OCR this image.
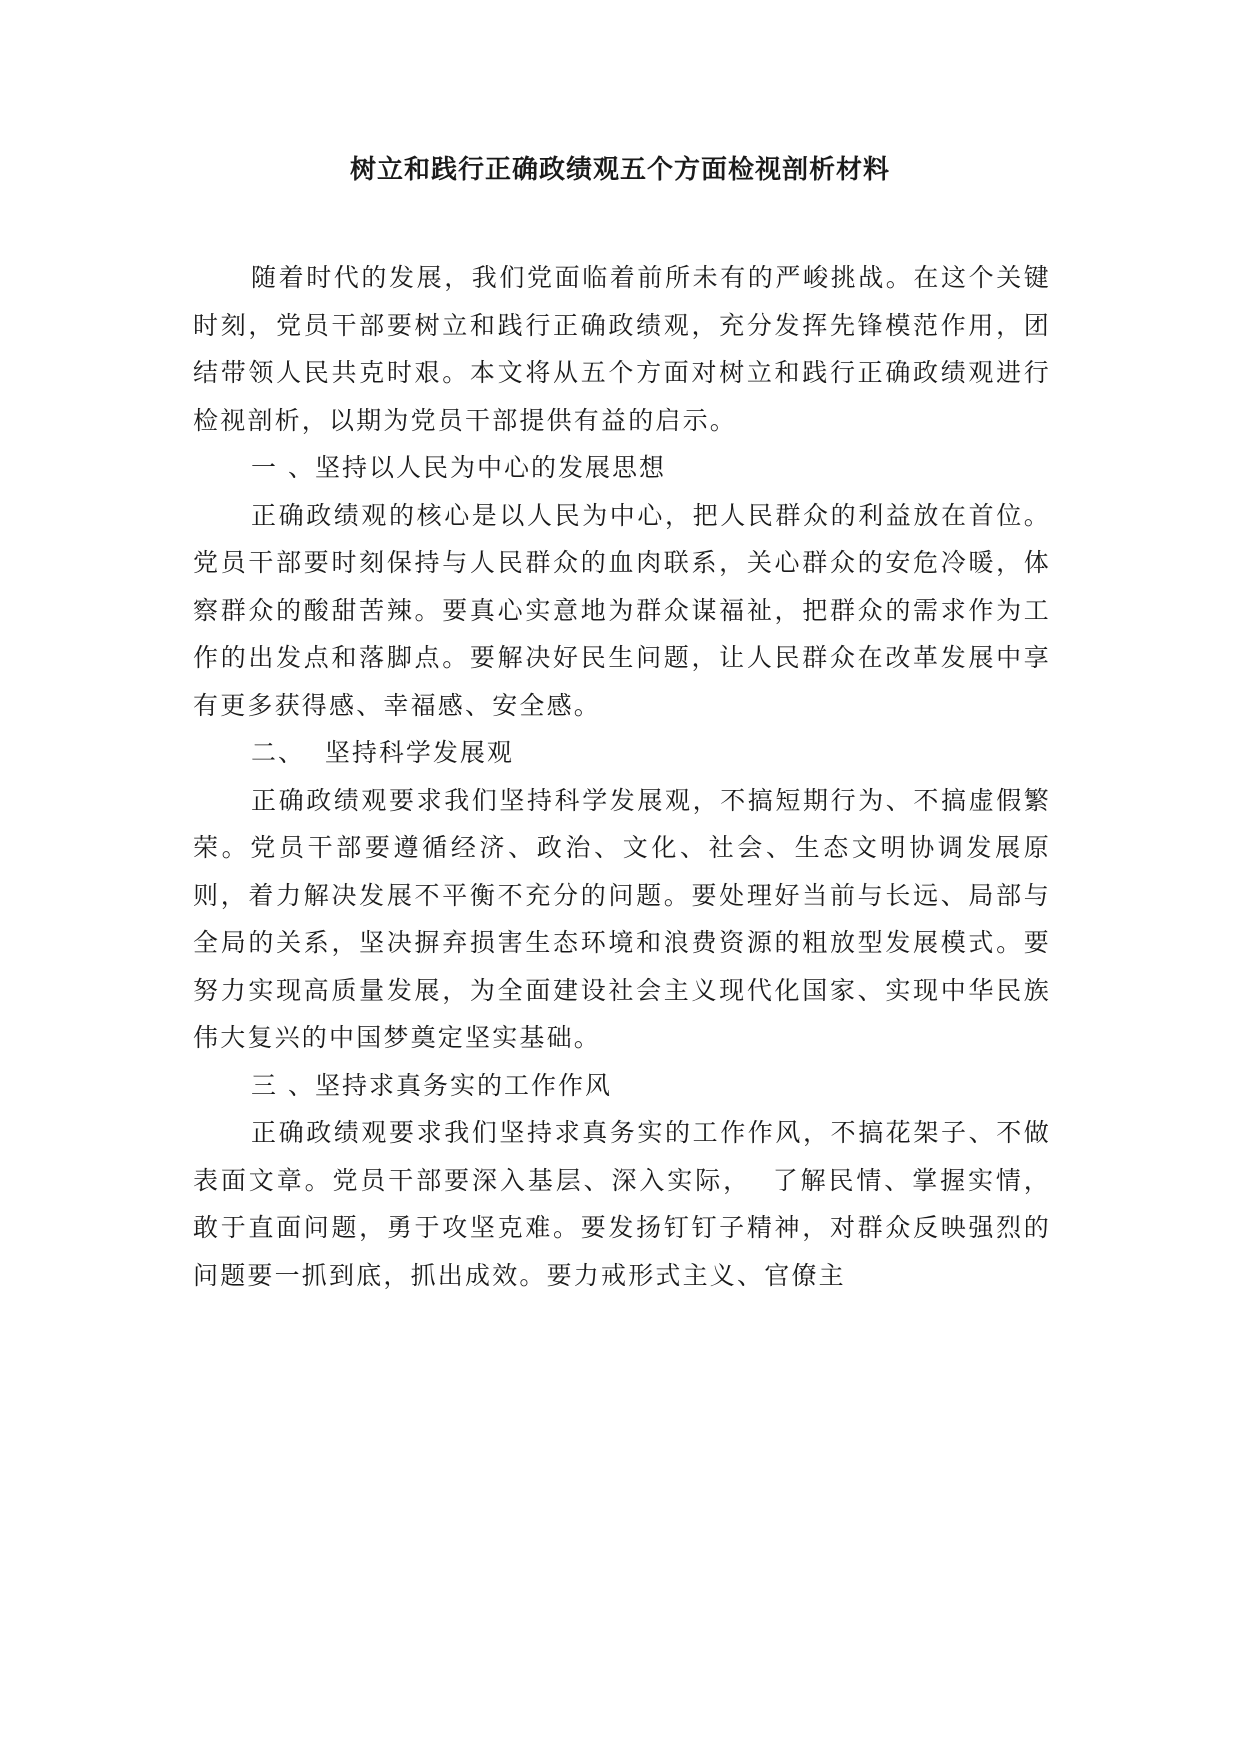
树立和践行正确政绩观五个方面检视剖析材料

随着时代的发展，我们党面临着前所未有的严峻挑战。在这个关键时刻，党员干部要树立和践行正确政绩观，充分发挥先锋模范作用，团结带领人民共克时艰。本文将从五个方面对树立和践行正确政绩观进行检视剖析，以期为党员干部提供有益的启示。

一 、坚持以人民为中心的发展思想

正确政绩观的核心是以人民为中心，把人民群众的利益放在首位。党员干部要时刻保持与人民群众的血肉联系，关心群众的安危冷暖，体察群众的酸甜苦辣。要真心实意地为群众谋福祉，把群众的需求作为工作的出发点和落脚点。要解决好民生问题，让人民群众在改革发展中享有更多获得感、幸福感、安全感。

二、  坚持科学发展观

正确政绩观要求我们坚持科学发展观，不搞短期行为、不搞虚假繁荣。党员干部要遵循经济、政治、文化、社会、生态文明协调发展原则，着力解决发展不平衡不充分的问题。要处理好当前与长远、局部与全局的关系，坚决摒弃损害生态环境和浪费资源的粗放型发展模式。要努力实现高质量发展，为全面建设社会主义现代化国家、实现中华民族伟大复兴的中国梦奠定坚实基础。

三 、坚持求真务实的工作作风

正确政绩观要求我们坚持求真务实的工作作风，不搞花架子、不做表面文章。党员干部要深入基层、深入实际，  了解民情、掌握实情，敢于直面问题，勇于攻坚克难。要发扬钉钉子精神，对群众反映强烈的问题要一抓到底，抓出成效。要力戒形式主义、官僚主
